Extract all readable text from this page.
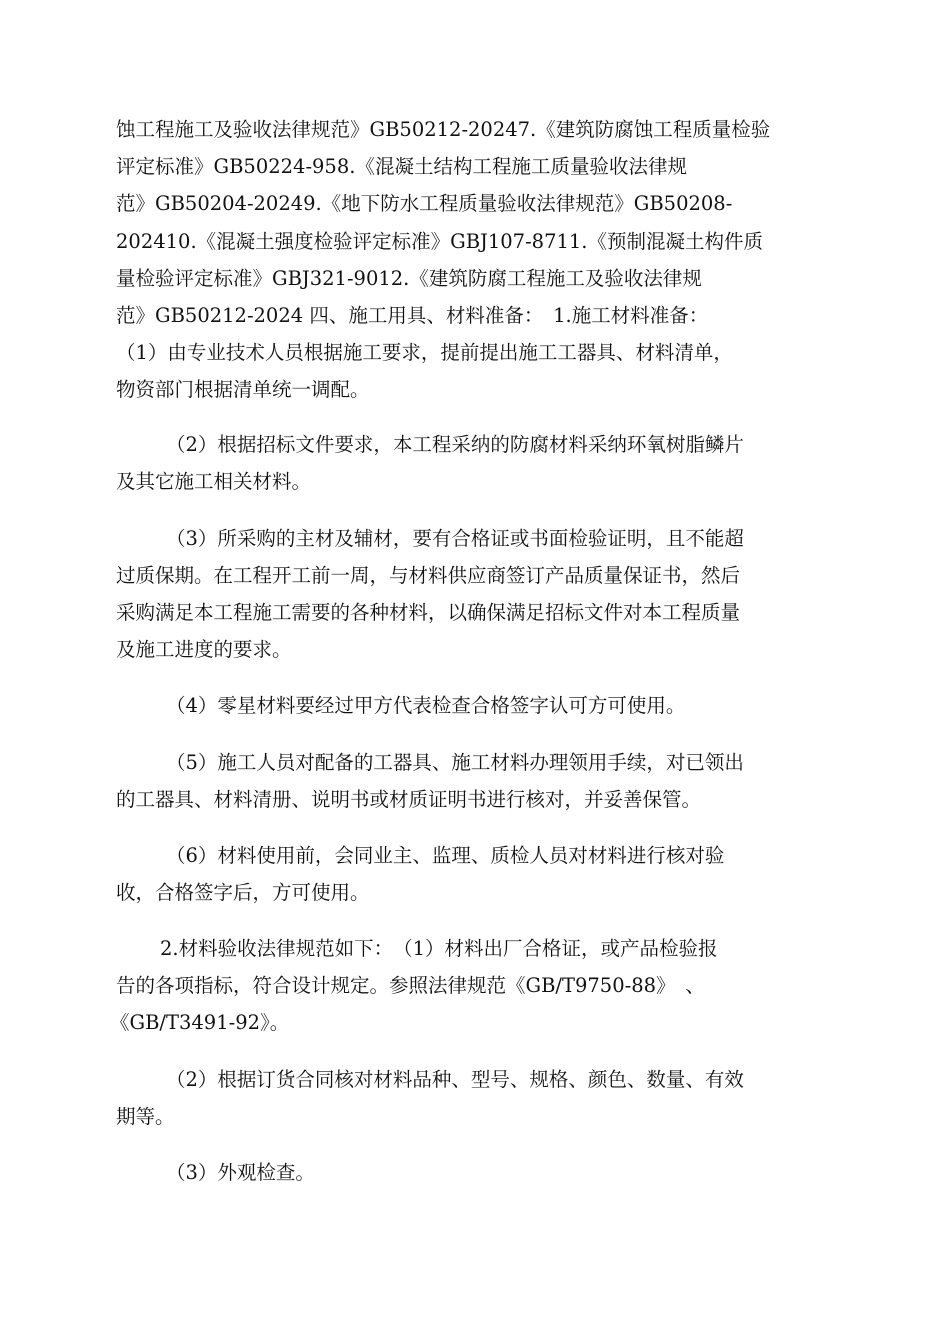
蚀工程施工及验收法律规范》GB50212-20247.《建筑防腐蚀工程质量检验
评定标准》GB50224-958.《混凝土结构工程施工质量验收法律规
范》GB50204-20249.《地下防水工程质量验收法律规范》GB50208-
202410.《混凝土强度检验评定标准》GBJ107-8711.《预制混凝土构件质
量检验评定标准》GBJ321-9012.《建筑防腐工程施工及验收法律规
范》GB50212-2024 四、施工用具、材料准备：　1.施工材料准备：
（1）由专业技术人员根据施工要求，提前提出施工工器具、材料清单，
物资部门根据清单统一调配。
（2）根据招标文件要求，本工程采纳的防腐材料采纳环氧树脂鳞片
及其它施工相关材料。
（3）所采购的主材及辅材，要有合格证或书面检验证明，且不能超
过质保期。在工程开工前一周，与材料供应商签订产品质量保证书，然后
采购满足本工程施工需要的各种材料，以确保满足招标文件对本工程质量
及施工进度的要求。
（4）零星材料要经过甲方代表检查合格签字认可方可使用。
（5）施工人员对配备的工器具、施工材料办理领用手续，对已领出
的工器具、材料清册、说明书或材质证明书进行核对，并妥善保管。
（6）材料使用前，会同业主、监理、质检人员对材料进行核对验
收，合格签字后，方可使用。
2.材料验收法律规范如下：　（1）材料出厂合格证，或产品检验报
告的各项指标，符合设计规定。参照法律规范《GB/T9750-88》　、
《GB/T3491-92》。
（2）根据订货合同核对材料品种、型号、规格、颜色、数量、有效
期等。
（3）外观检查。
